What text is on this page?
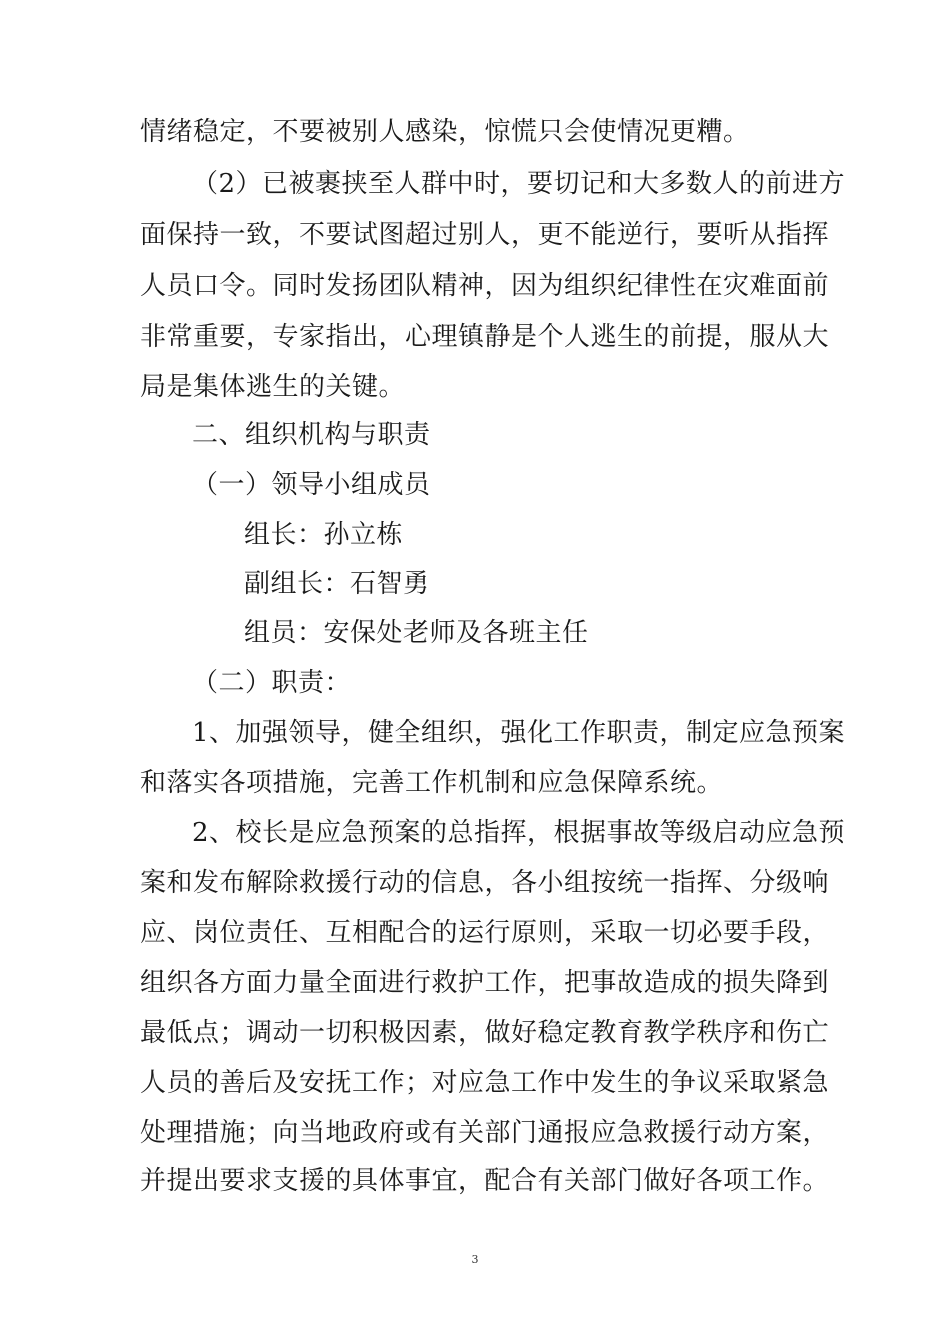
情绪稳定，不要被别人感染，惊慌只会使情况更糟。
（2）已被裹挟至人群中时，要切记和大多数人的前进方
面保持一致，不要试图超过别人，更不能逆行，要听从指挥
人员口令。同时发扬团队精神，因为组织纪律性在灾难面前
非常重要，专家指出，心理镇静是个人逃生的前提，服从大
局是集体逃生的关键。
二、组织机构与职责
（一）领导小组成员
组长：孙立栋
副组长：石智勇
组员：安保处老师及各班主任
（二）职责：
1、加强领导，健全组织，强化工作职责，制定应急预案
和落实各项措施，完善工作机制和应急保障系统。
2、校长是应急预案的总指挥，根据事故等级启动应急预
案和发布解除救援行动的信息，各小组按统一指挥、分级响
应、岗位责任、互相配合的运行原则，采取一切必要手段，
组织各方面力量全面进行救护工作，把事故造成的损失降到
最低点；调动一切积极因素，做好稳定教育教学秩序和伤亡
人员的善后及安抚工作；对应急工作中发生的争议采取紧急
处理措施；向当地政府或有关部门通报应急救援行动方案，
并提出要求支援的具体事宜，配合有关部门做好各项工作。
3
